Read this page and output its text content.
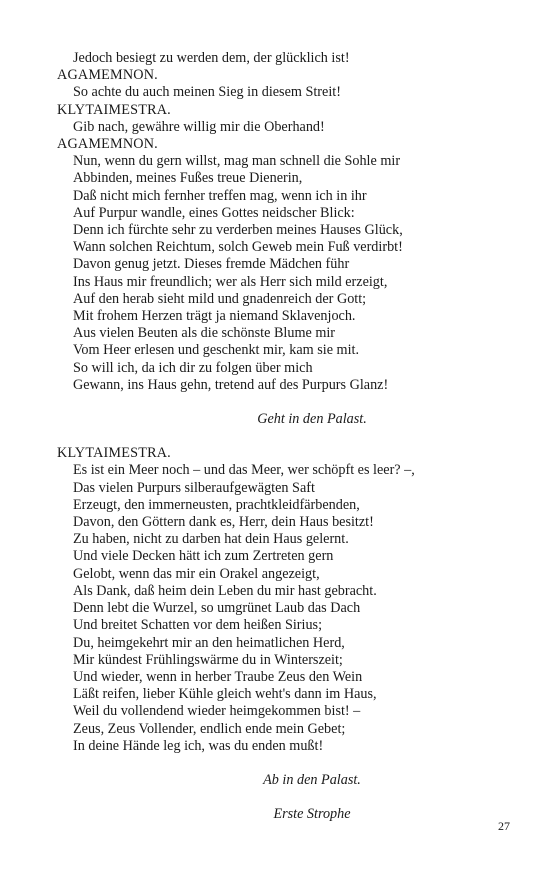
Jedoch besiegt zu werden dem, der glücklich ist!
AGAMEMNON.
So achte du auch meinen Sieg in diesem Streit!
KLYTAIMESTRA.
Gib nach, gewähre willig mir die Oberhand!
AGAMEMNON.
Nun, wenn du gern willst, mag man schnell die Sohle mir
Abbinden, meines Fußes treue Dienerin,
Daß nicht mich fernher treffen mag, wenn ich in ihr
Auf Purpur wandle, eines Gottes neidscher Blick:
Denn ich fürchte sehr zu verderben meines Hauses Glück,
Wann solchen Reichtum, solch Geweb mein Fuß verdirbt!
Davon genug jetzt. Dieses fremde Mädchen führ
Ins Haus mir freundlich; wer als Herr sich mild erzeigt,
Auf den herab sieht mild und gnadenreich der Gott;
Mit frohem Herzen trägt ja niemand Sklavenjoch.
Aus vielen Beuten als die schönste Blume mir
Vom Heer erlesen und geschenkt mir, kam sie mit.
So will ich, da ich dir zu folgen über mich
Gewann, ins Haus gehn, tretend auf des Purpurs Glanz!
Geht in den Palast.
KLYTAIMESTRA.
Es ist ein Meer noch – und das Meer, wer schöpft es leer? –,
Das vielen Purpurs silberaufgewägten Saft
Erzeugt, den immerneusten, prachtkleidfärbenden,
Davon, den Göttern dank es, Herr, dein Haus besitzt!
Zu haben, nicht zu darben hat dein Haus gelernt.
Und viele Decken hätt ich zum Zertreten gern
Gelobt, wenn das mir ein Orakel angezeigt,
Als Dank, daß heim dein Leben du mir hast gebracht.
Denn lebt die Wurzel, so umgrünet Laub das Dach
Und breitet Schatten vor dem heißen Sirius;
Du, heimgekehrt mir an den heimatlichen Herd,
Mir kündest Frühlingswärme du in Winterszeit;
Und wieder, wenn in herber Traube Zeus den Wein
Läßt reifen, lieber Kühle gleich weht's dann im Haus,
Weil du vollendend wieder heimgekommen bist! –
Zeus, Zeus Vollender, endlich ende mein Gebet;
In deine Hände leg ich, was du enden mußt!
Ab in den Palast.
Erste Strophe
27
